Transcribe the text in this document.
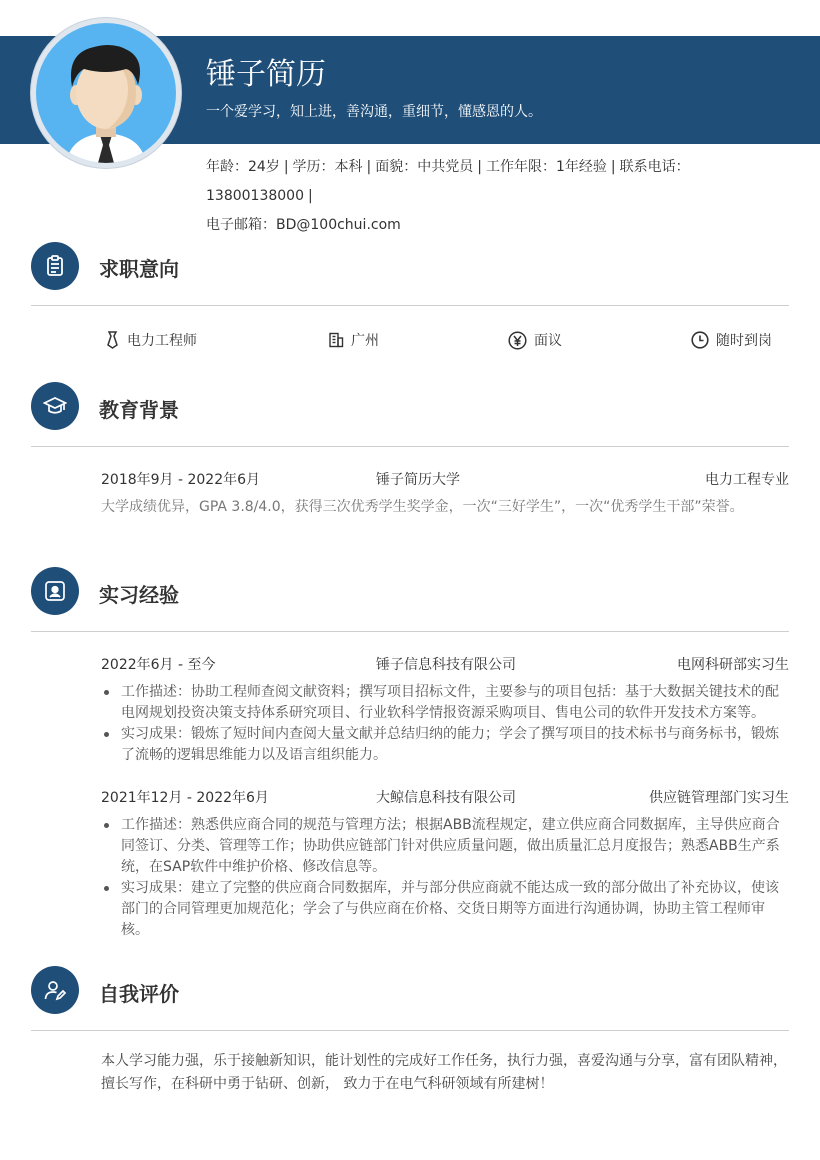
锤子简历
一个爱学习，知上进，善沟通，重细节，懂感恩的人。
年龄：24岁 | 学历：本科 | 面貌：中共党员 | 工作年限：1年经验 | 联系电话：13800138000 |
电子邮箱：BD@100chui.com
求职意向
电力工程师	广州	面议	随时到岗
教育背景
2018年9月 - 2022年6月	锤子简历大学	电力工程专业
大学成绩优异，GPA 3.8/4.0，获得三次优秀学生奖学金，一次“三好学生”，一次“优秀学生干部”荣誉。
实习经验
2022年6月 - 至今	锤子信息科技有限公司	电网科研部实习生
工作描述：协助工程师查阅文献资料；撰写项目招标文件，主要参与的项目包括：基于大数据关键技术的配电网规划投资决策支持体系研究项目、行业软科学情报资源采购项目、售电公司的软件开发技术方案等。
实习成果：锻炼了短时间内查阅大量文献并总结归纳的能力；学会了撰写项目的技术标书与商务标书，锻炼了流畅的逻辑思维能力以及语言组织能力。
2021年12月 - 2022年6月	大鲸信息科技有限公司	供应链管理部门实习生
工作描述：熟悉供应商合同的规范与管理方法；根据ABB流程规定，建立供应商合同数据库，主导供应商合同签订、分类、管理等工作；协助供应链部门针对供应质量问题，做出质量汇总月度报告；熟悉ABB生产系统，在SAP软件中维护价格、修改信息等。
实习成果：建立了完整的供应商合同数据库，并与部分供应商就不能达成一致的部分做出了补充协议，使该部门的合同管理更加规范化；学会了与供应商在价格、交货日期等方面进行沟通协调，协助主管工程师审核。
自我评价
本人学习能力强，乐于接触新知识，能计划性的完成好工作任务，执行力强，喜爱沟通与分享，富有团队精神，擅长写作，在科研中勇于钻研、创新， 致力于在电气科研领域有所建树！
